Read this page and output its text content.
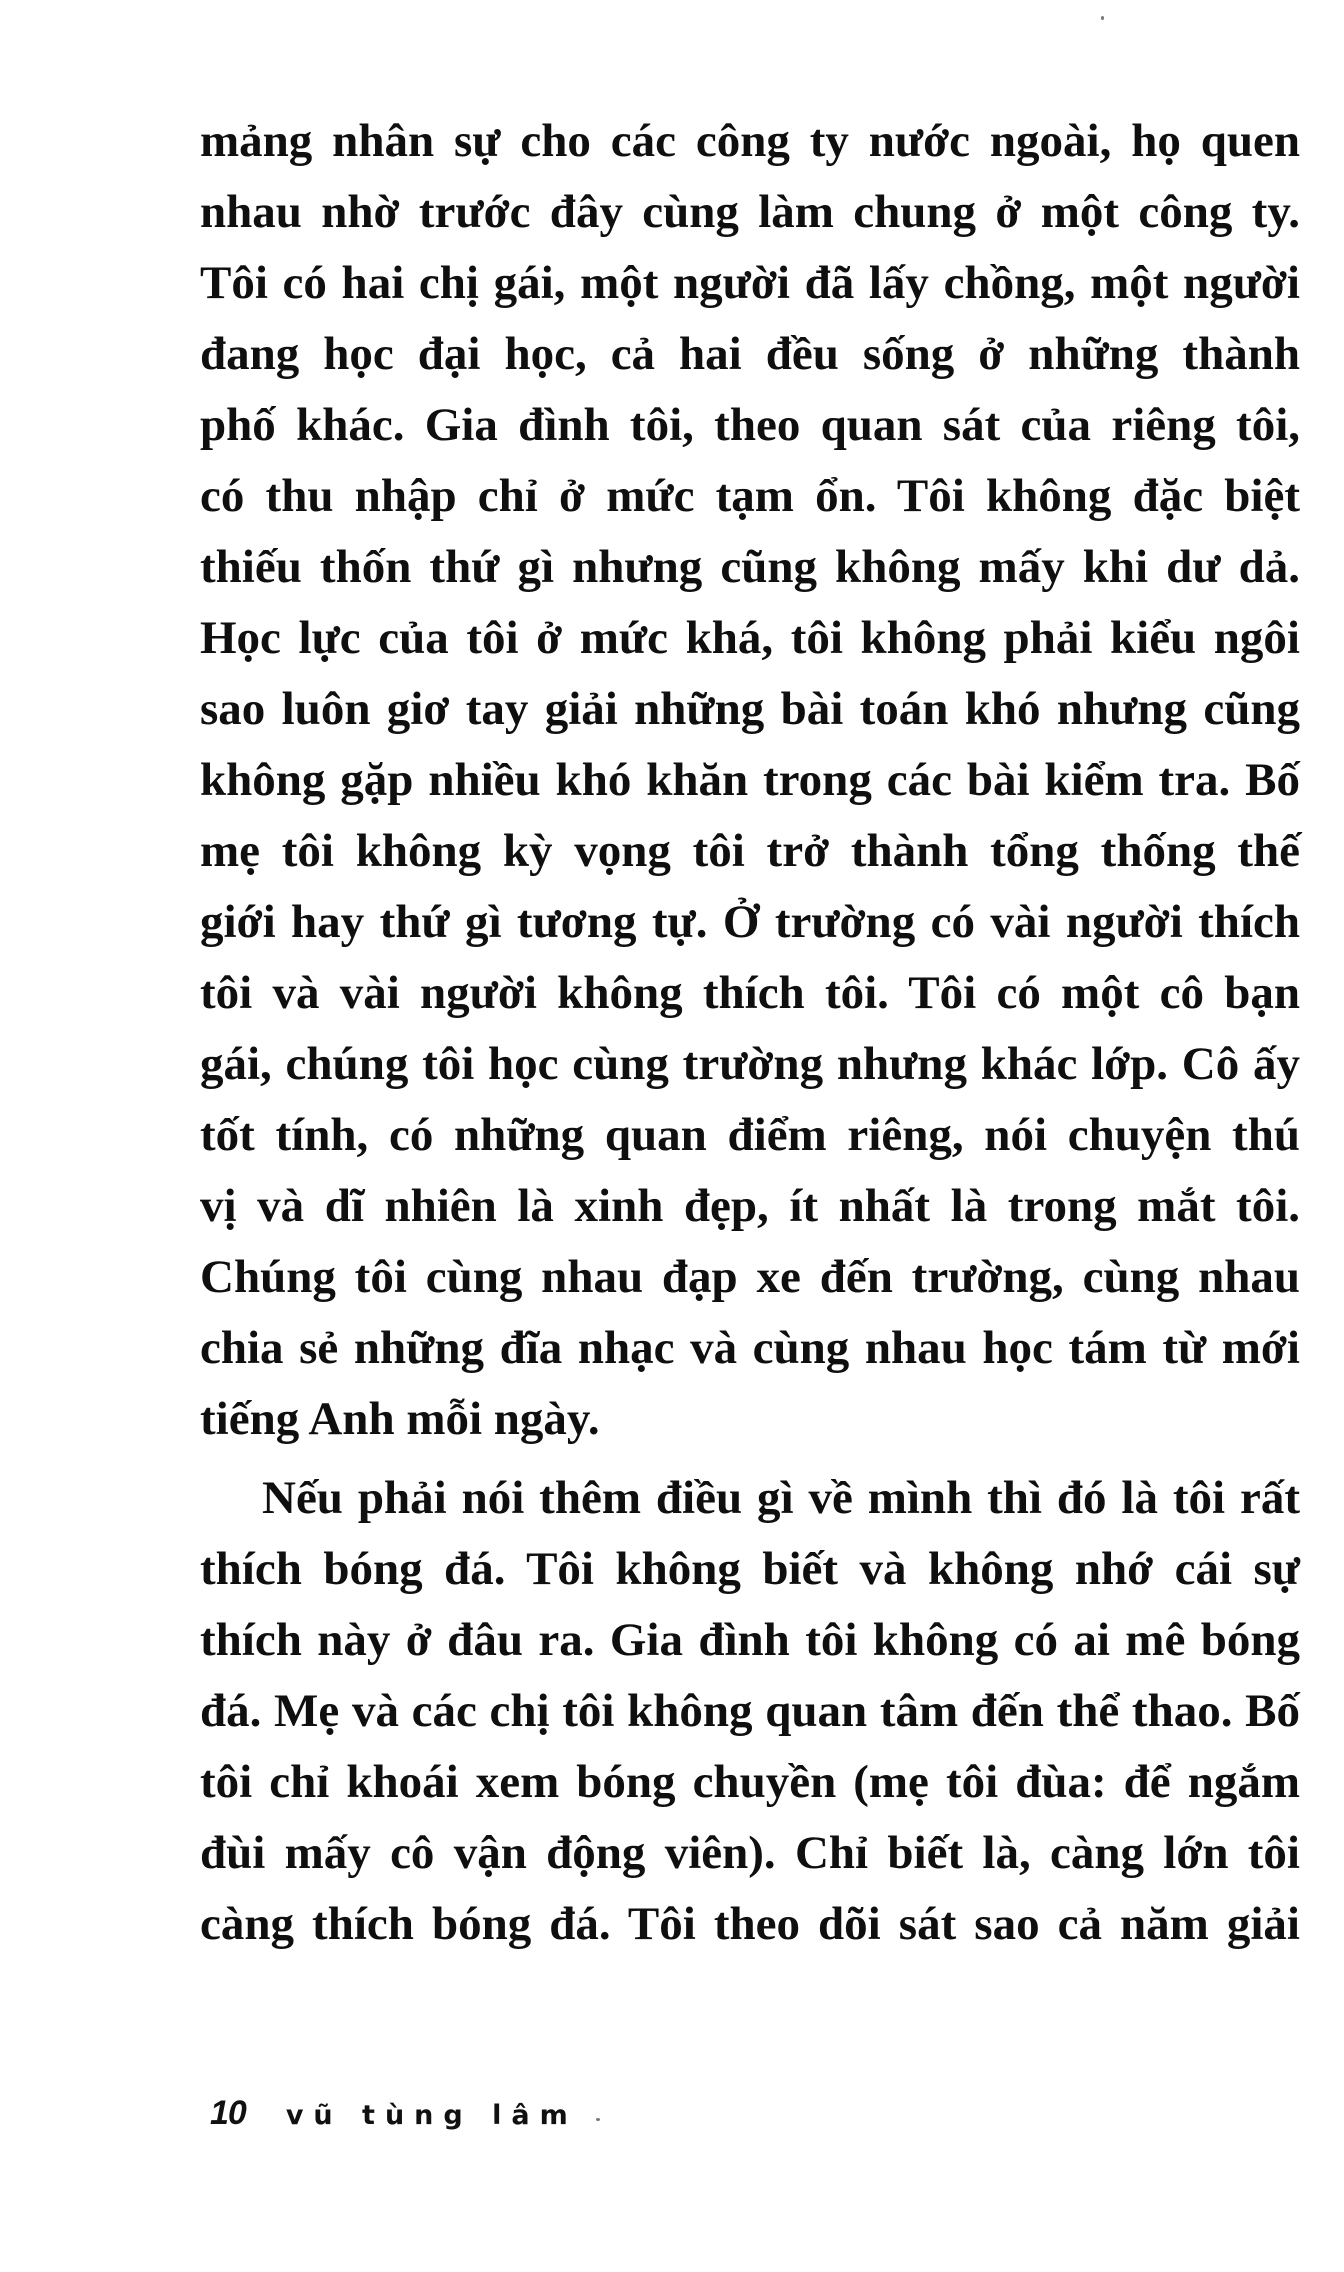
mảng nhân sự cho các công ty nước ngoài, họ quen
nhau nhờ trước đây cùng làm chung ở một công ty.
Tôi có hai chị gái, một người đã lấy chồng, một người
đang học đại học, cả hai đều sống ở những thành
phố khác. Gia đình tôi, theo quan sát của riêng tôi,
có thu nhập chỉ ở mức tạm ổn. Tôi không đặc biệt
thiếu thốn thứ gì nhưng cũng không mấy khi dư dả.
Học lực của tôi ở mức khá, tôi không phải kiểu ngôi
sao luôn giơ tay giải những bài toán khó nhưng cũng
không gặp nhiều khó khăn trong các bài kiểm tra. Bố
mẹ tôi không kỳ vọng tôi trở thành tổng thống thế
giới hay thứ gì tương tự. Ở trường có vài người thích
tôi và vài người không thích tôi. Tôi có một cô bạn
gái, chúng tôi học cùng trường nhưng khác lớp. Cô ấy
tốt tính, có những quan điểm riêng, nói chuyện thú
vị và dĩ nhiên là xinh đẹp, ít nhất là trong mắt tôi.
Chúng tôi cùng nhau đạp xe đến trường, cùng nhau
chia sẻ những đĩa nhạc và cùng nhau học tám từ mới
tiếng Anh mỗi ngày.

Nếu phải nói thêm điều gì về mình thì đó là tôi rất
thích bóng đá. Tôi không biết và không nhớ cái sự
thích này ở đâu ra. Gia đình tôi không có ai mê bóng
đá. Mẹ và các chị tôi không quan tâm đến thể thao. Bố
tôi chỉ khoái xem bóng chuyền (mẹ tôi đùa: để ngắm
đùi mấy cô vận động viên). Chỉ biết là, càng lớn tôi
càng thích bóng đá. Tôi theo dõi sát sao cả năm giải

10 vũ tùng lâm
